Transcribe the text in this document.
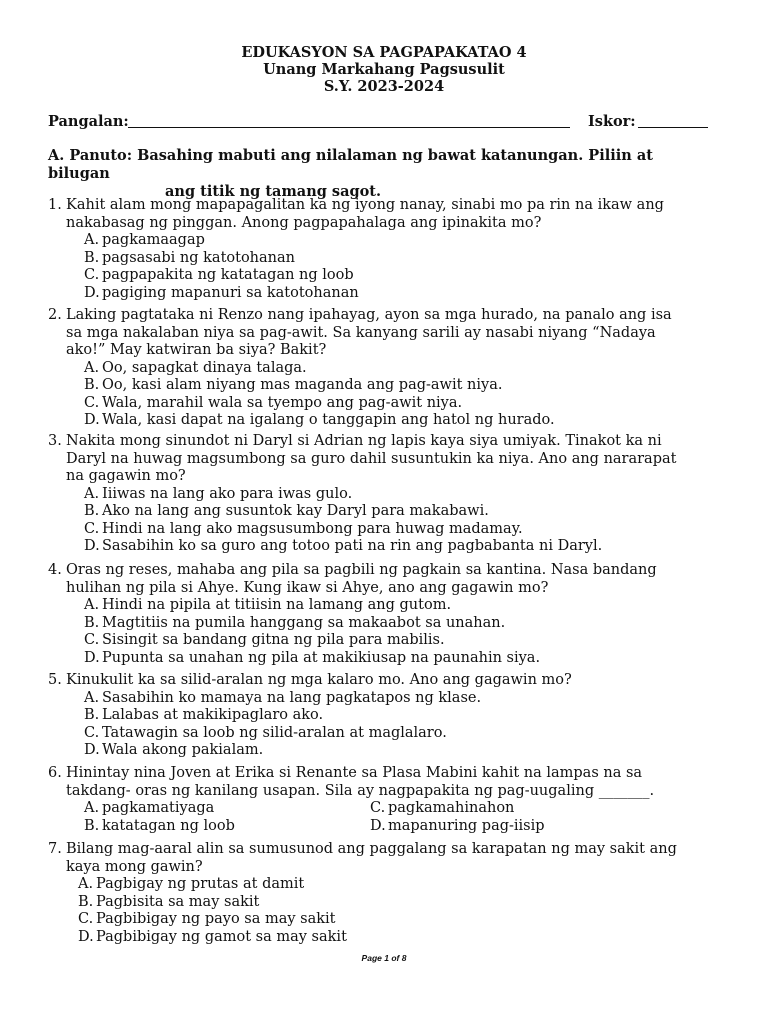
EDUKASYON SA PAGPAPAKATAO 4
Unang Markahang Pagsusulit
S.Y. 2023-2024
Pangalan:	Iskor:
A. Panuto: Basahing mabuti ang nilalaman ng bawat katanungan. Piliin at bilugan
ang titik ng tamang sagot.
1. Kahit alam mong mapapagalitan ka ng iyong nanay, sinabi mo pa rin na ikaw ang
nakabasag ng pinggan. Anong pagpapahalaga ang ipinakita mo?
A. pagkamaagap
B. pagsasabi ng katotohanan
C. pagpapakita ng katatagan ng loob
D. pagiging mapanuri sa katotohanan
2. Laking pagtataka ni Renzo nang ipahayag, ayon sa mga hurado, na panalo ang isa
sa mga nakalaban niya sa pag-awit. Sa kanyang sarili ay nasabi niyang “Nadaya
ako!” May katwiran ba siya? Bakit?
A. Oo, sapagkat dinaya talaga.
B. Oo, kasi alam niyang mas maganda ang pag-awit niya.
C. Wala, marahil wala sa tyempo ang pag-awit niya.
D. Wala, kasi dapat na igalang o tanggapin ang hatol ng hurado.
3. Nakita mong sinundot ni Daryl si Adrian ng lapis kaya siya umiyak. Tinakot ka ni
Daryl na huwag magsumbong sa guro dahil susuntukin ka niya. Ano ang nararapat
na gagawin mo?
A. Iiiwas na lang ako para iwas gulo.
B. Ako na lang ang susuntok kay Daryl para makabawi.
C. Hindi na lang ako magsusumbong para huwag madamay.
D. Sasabihin ko sa guro ang totoo pati na rin ang pagbabanta ni Daryl.
4. Oras ng reses, mahaba ang pila sa pagbili ng pagkain sa kantina. Nasa bandang
hulihan ng pila si Ahye. Kung ikaw si Ahye, ano ang gagawin mo?
A. Hindi na pipila at titiisin na lamang ang gutom.
B. Magtitiis na pumila hanggang sa makaabot sa unahan.
C. Sisingit sa bandang gitna ng pila para mabilis.
D. Pupunta sa unahan ng pila at makikiusap na paunahin siya.
5. Kinukulit ka sa silid-aralan ng mga kalaro mo. Ano ang gagawin mo?
A. Sasabihin ko mamaya na lang pagkatapos ng klase.
B. Lalabas at makikipaglaro ako.
C. Tatawagin sa loob ng silid-aralan at maglalaro.
D. Wala akong pakialam.
6. Hinintay nina Joven at Erika si Renante sa Plasa Mabini kahit na lampas na sa
takdang- oras ng kanilang usapan. Sila ay nagpapakita ng pag-uugaling _______.
A. pagkamatiyaga	C. pagkamahinahon
B. katatagan ng loob	D. mapanuring pag-iisip
7. Bilang mag-aaral alin sa sumusunod ang paggalang sa karapatan ng may sakit ang
kaya mong gawin?
A. Pagbigay ng prutas at damit
B. Pagbisita sa may sakit
C. Pagbibigay ng payo sa may sakit
D. Pagbibigay ng gamot sa may sakit
Page 1 of 8
